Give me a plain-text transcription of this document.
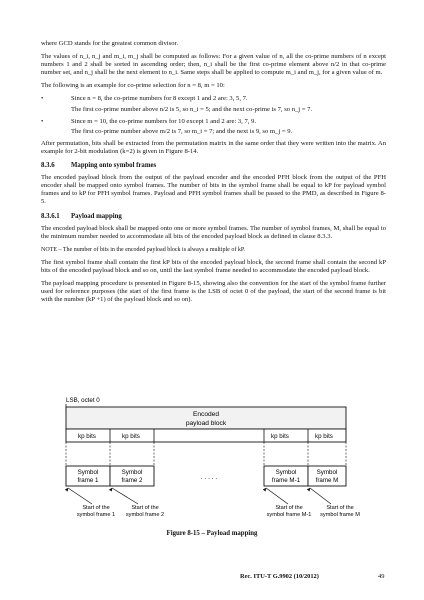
where GCD stands for the greatest common divisor.

The values of n_i, n_j and m_i, m_j shall be computed as follows: For a given value of n, all the co-prime numbers of n except numbers 1 and 2 shall be sorted in ascending order; then, n_i shall be the first co-prime element above n/2 in that co-prime number set, and n_j shall be the next element to n_i. Same steps shall be applied to compute m_i and m_j, for a given value of m.

The following is an example for co-prime selection for n = 8, m = 10:

•	Since n = 8, the co-prime numbers for 8 except 1 and 2 are: 3, 5, 7.

The first co-prime number above n/2 is 5, so n_i = 5; and the next co-prime is 7, so n_j = 7.

•	Since m = 10, the co-prime numbers for 10 except 1 and 2 are: 3, 7, 9.

The first co-prime number above m/2 is 7, so m_i = 7; and the next is 9, so m_j = 9.

After permutation, bits shall be extracted from the permutation matrix in the same order that they were written into the matrix. An example for 2-bit modulation (k=2) is given in Figure 8-14.

8.3.6 Mapping onto symbol frames

The encoded payload block from the output of the payload encoder and the encoded PFH block from the output of the PFH encoder shall be mapped onto symbol frames. The number of bits in the symbol frame shall be equal to kP for payload symbol frames and to kP for PFH symbol frames. Payload and PFH symbol frames shall be passed to the PMD, as described in Figure 8-5.

8.3.6.1 Payload mapping

The encoded payload block shall be mapped onto one or more symbol frames. The number of symbol frames, M, shall be equal to the minimum number needed to accommodate all bits of the encoded payload block as defined in clause 8.3.3.

NOTE – The number of bits in the encoded payload block is always a multiple of kP.

The first symbol frame shall contain the first kP bits of the encoded payload block, the second frame shall contain the second kP bits of the encoded payload block and so on, until the last symbol frame needed to accommodate the encoded payload block.

The payload mapping procedure is presented in Figure 8-15, showing also the convention for the start of the symbol frame further used for reference purposes (the start of the first frame is the LSB of octet 0 of the payload, the start of the second frame is bit with the number (kP +1) of the payload block and so on).

LSB, octet 0
Encoded
payload block
kp bits	kp bits	kp bits	kp bits
Symbol
frame 1
Symbol
frame 2
Symbol
frame M-1
Symbol
frame M
. . . . .
Start of the
symbol frame 1
Start of the
symbol frame 2
Start of the
symbol frame M-1
Start of the
symbol frame M
Figure 8-15 – Payload mapping
Rec. ITU-T G.9902 (10/2012)	49
